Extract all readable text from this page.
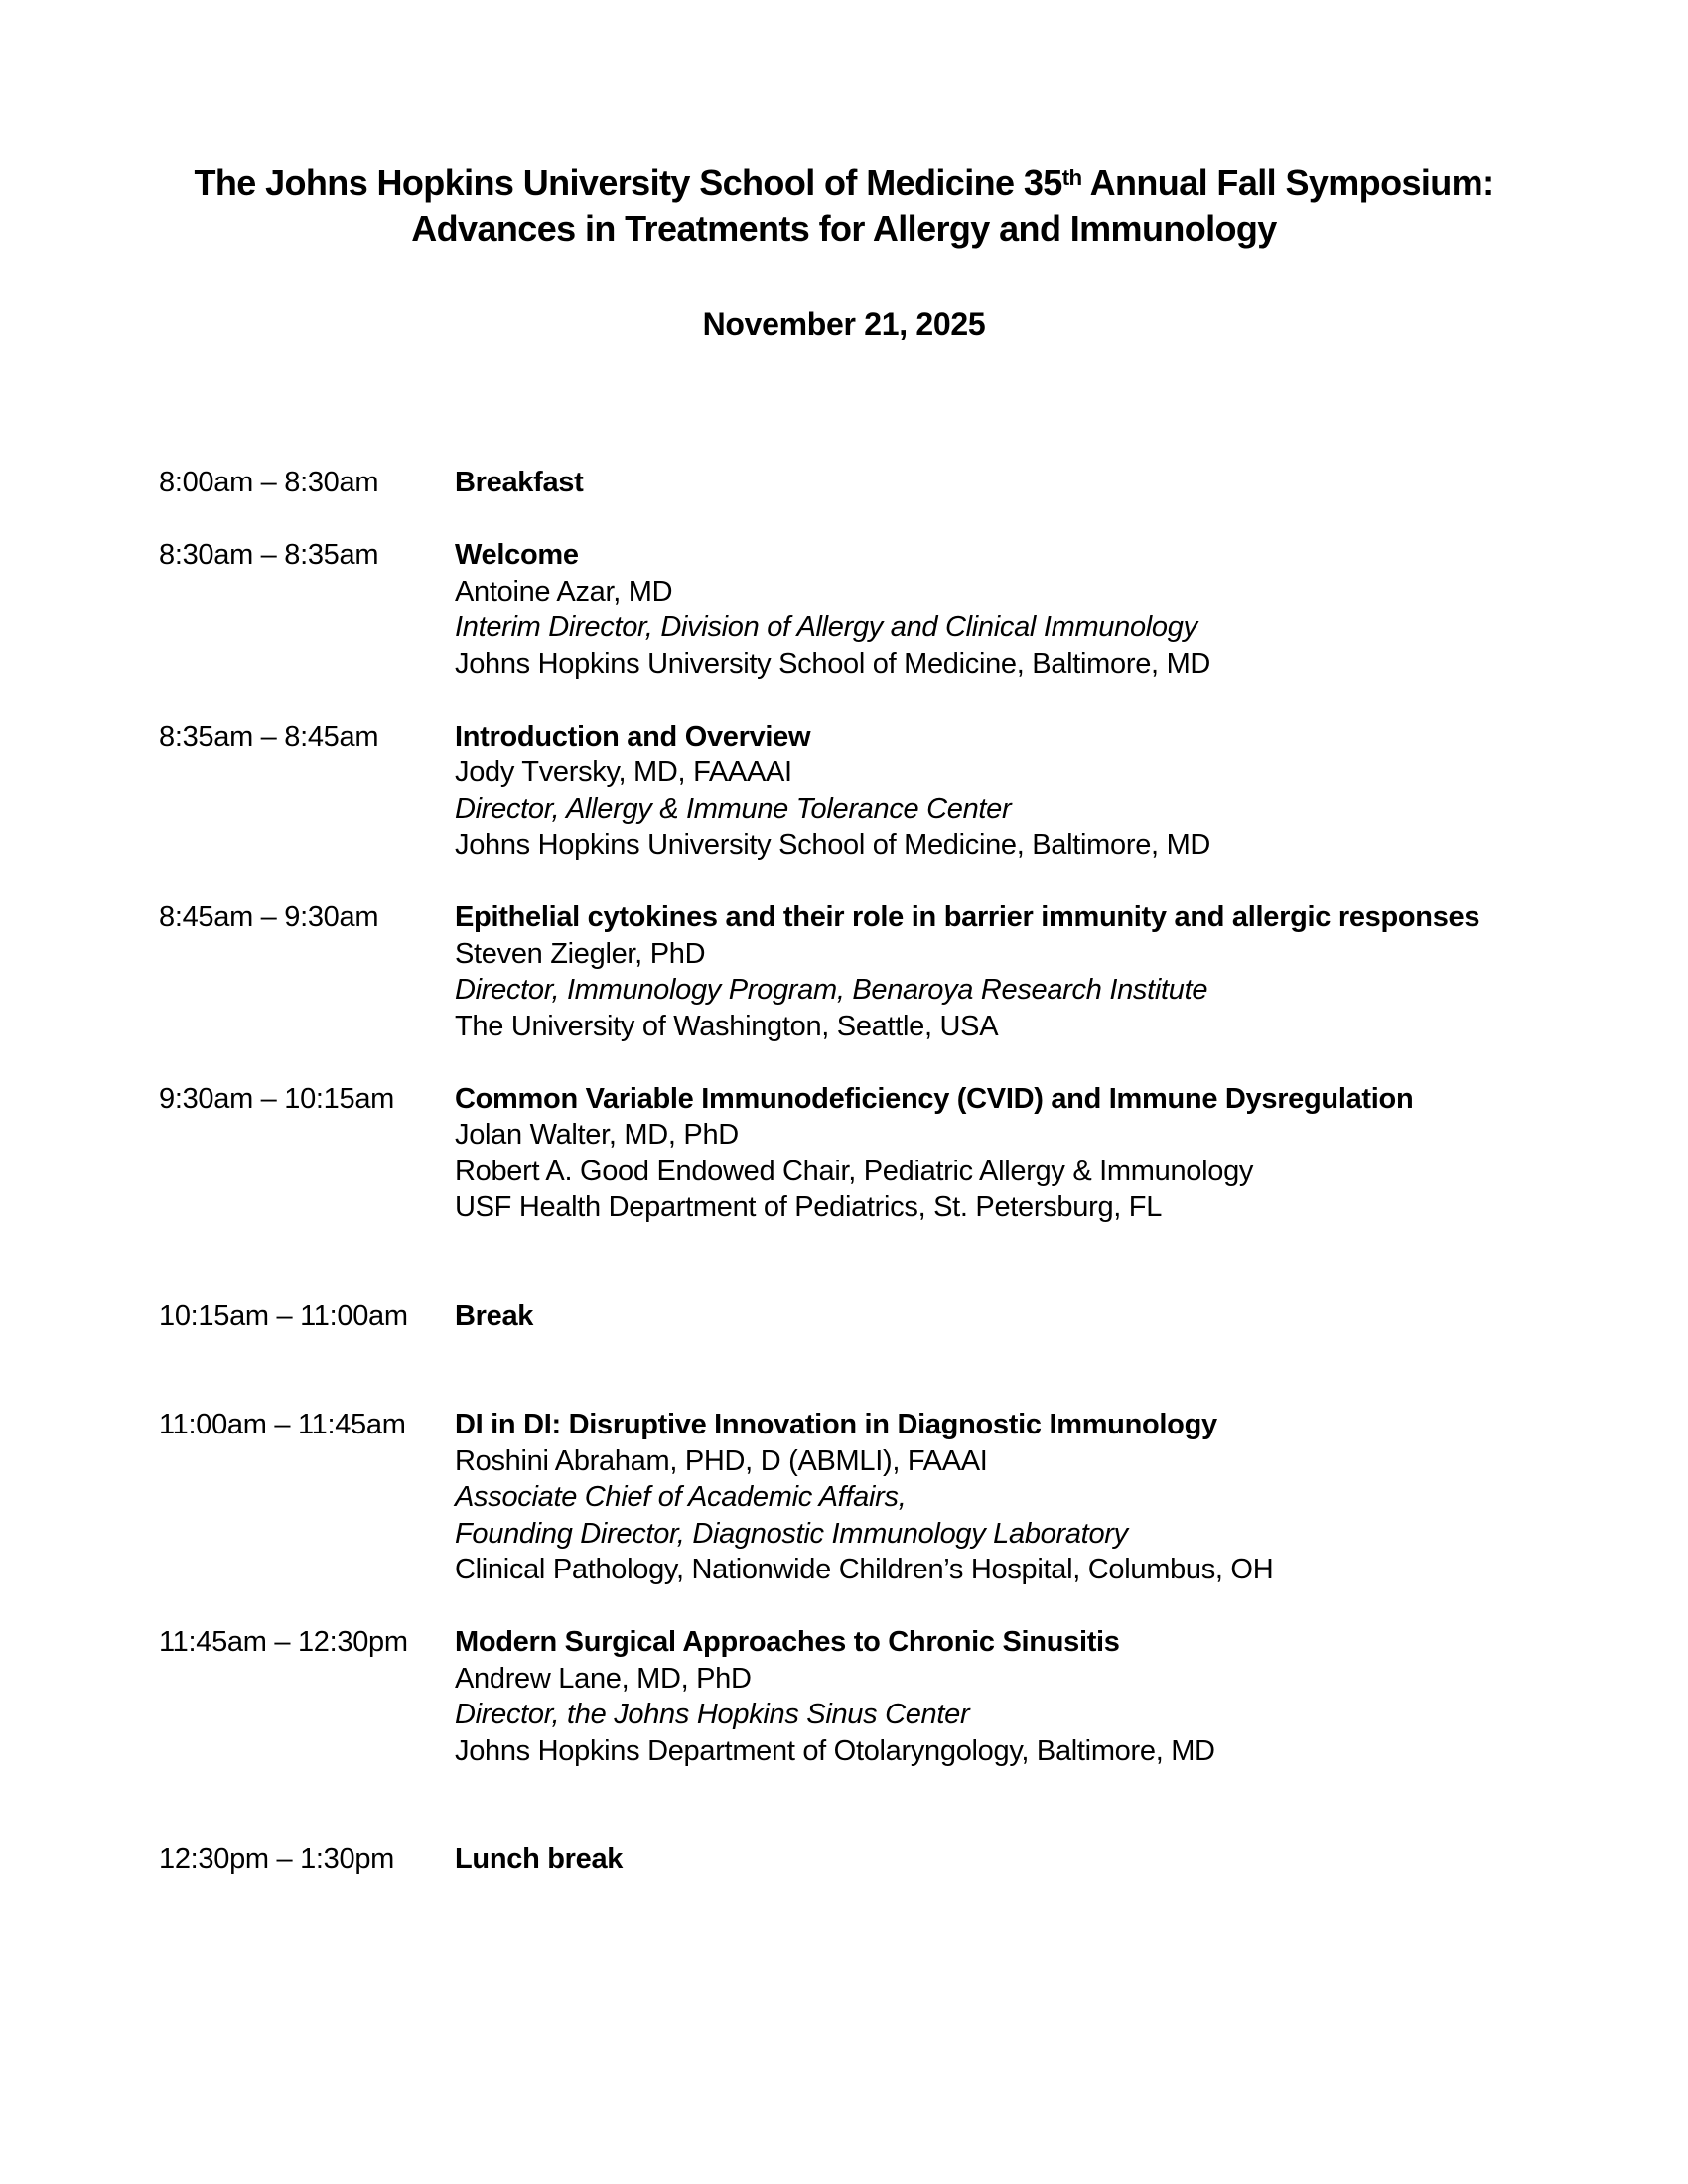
The Johns Hopkins University School of Medicine 35th Annual Fall Symposium:
Advances in Treatments for Allergy and Immunology
November 21, 2025
8:00am – 8:30am	Breakfast
8:30am – 8:35am	Welcome
Antoine Azar, MD
Interim Director, Division of Allergy and Clinical Immunology
Johns Hopkins University School of Medicine, Baltimore, MD
8:35am – 8:45am	Introduction and Overview
Jody Tversky, MD, FAAAAI
Director, Allergy & Immune Tolerance Center
Johns Hopkins University School of Medicine, Baltimore, MD
8:45am – 9:30am	Epithelial cytokines and their role in barrier immunity and allergic responses
Steven Ziegler, PhD
Director, Immunology Program, Benaroya Research Institute
The University of Washington, Seattle, USA
9:30am – 10:15am	Common Variable Immunodeficiency (CVID) and Immune Dysregulation
Jolan Walter, MD, PhD
Robert A. Good Endowed Chair, Pediatric Allergy & Immunology
USF Health Department of Pediatrics, St. Petersburg, FL
10:15am – 11:00am	Break
11:00am – 11:45am	DI in DI: Disruptive Innovation in Diagnostic Immunology
Roshini Abraham, PHD, D (ABMLI), FAAAI
Associate Chief of Academic Affairs,
Founding Director, Diagnostic Immunology Laboratory
Clinical Pathology, Nationwide Children’s Hospital, Columbus, OH
11:45am – 12:30pm	Modern Surgical Approaches to Chronic Sinusitis
Andrew Lane, MD, PhD
Director, the Johns Hopkins Sinus Center
Johns Hopkins Department of Otolaryngology, Baltimore, MD
12:30pm – 1:30pm	Lunch break
